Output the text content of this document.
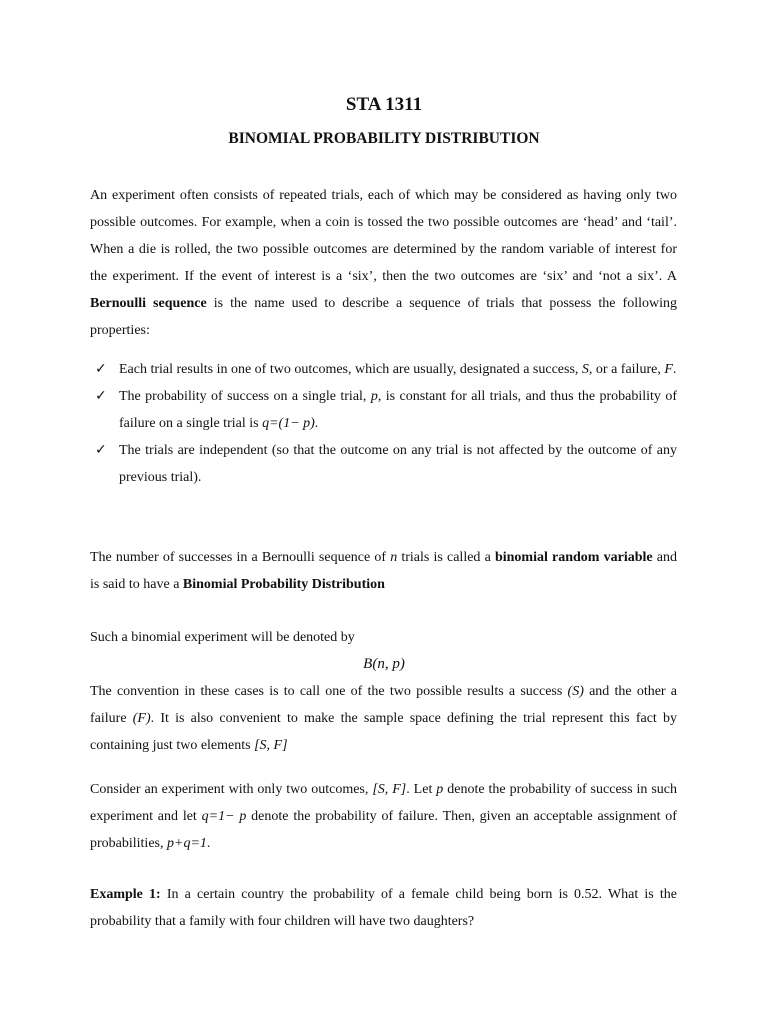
STA 1311
BINOMIAL PROBABILITY DISTRIBUTION

An experiment often consists of repeated trials, each of which may be considered as having only two possible outcomes. For example, when a coin is tossed the two possible outcomes are ‘head’ and ‘tail’. When a die is rolled, the two possible outcomes are determined by the random variable of interest for the experiment. If the event of interest is a ‘six’, then the two outcomes are ‘six’ and ‘not a six’. A Bernoulli sequence is the name used to describe a sequence of trials that possess the following properties:

✓ Each trial results in one of two outcomes, which are usually, designated a success, S, or a failure, F.
✓ The probability of success on a single trial, p, is constant for all trials, and thus the probability of failure on a single trial is q=(1− p).
✓ The trials are independent (so that the outcome on any trial is not affected by the outcome of any previous trial).

The number of successes in a Bernoulli sequence of n trials is called a binomial random variable and is said to have a Binomial Probability Distribution

Such a binomial experiment will be denoted by

B(n, p)

The convention in these cases is to call one of the two possible results a success (S) and the other a failure (F). It is also convenient to make the sample space defining the trial represent this fact by containing just two elements [S, F]

Consider an experiment with only two outcomes, [S, F]. Let p denote the probability of success in such experiment and let q=1− p denote the probability of failure. Then, given an acceptable assignment of probabilities, p+q=1.

Example 1: In a certain country the probability of a female child being born is 0.52. What is the probability that a family with four children will have two daughters?
